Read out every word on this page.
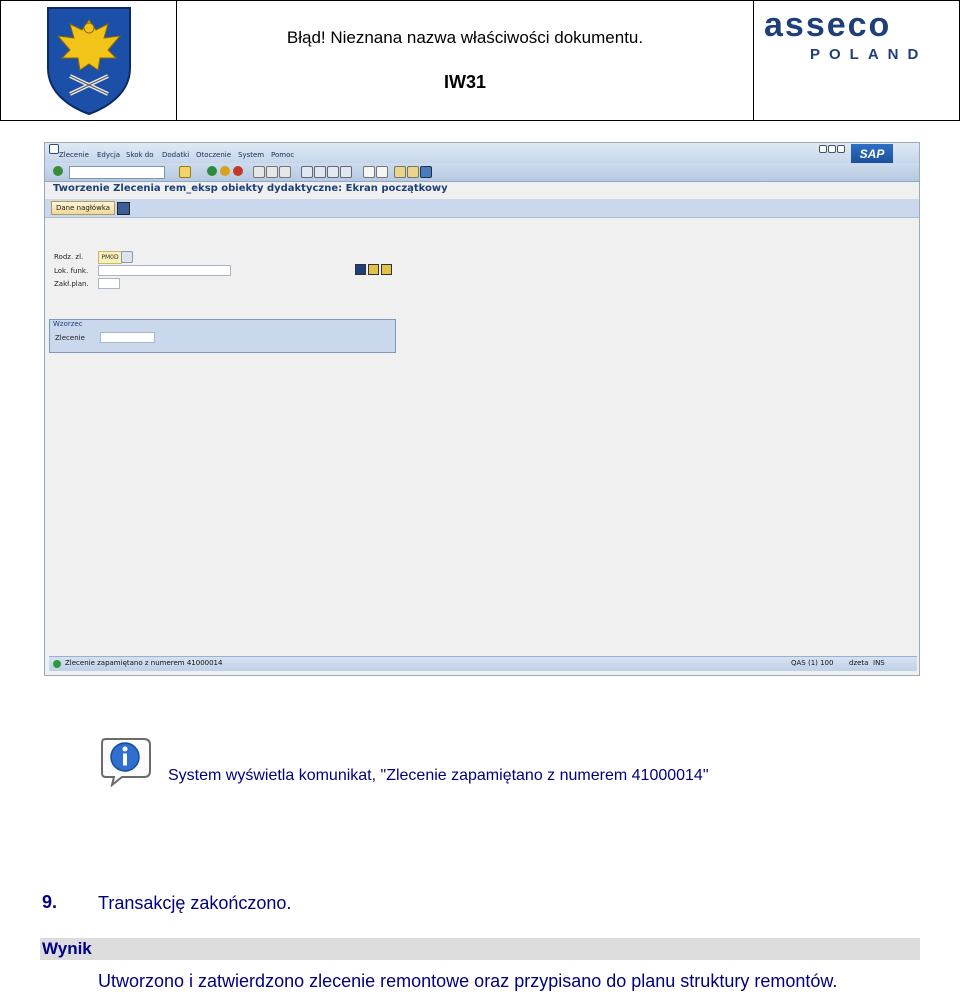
Błąd! Nieznana nazwa właściwości dokumentu.
IW31
asseco
POLAND
Zlecenie Edycja Skok do Dodatki Otoczenie System Pomoc	SAP
Tworzenie Zlecenia rem_eksp obiekty dydaktyczne: Ekran początkowy
Dane nagłówka
Rodz. zl.	PM0D
Lok. funk.
Zakł.plan.
Wzorzec
Zlecenie
Zlecenie zapamiętano z numerem 41000014	QAS (1) 100 dzeta INS
System wyświetla komunikat, "Zlecenie zapamiętano z numerem 41000014"
9. Transakcję zakończono.
Wynik
Utworzono i zatwierdzono zlecenie remontowe oraz przypisano do planu struktury remontów.
